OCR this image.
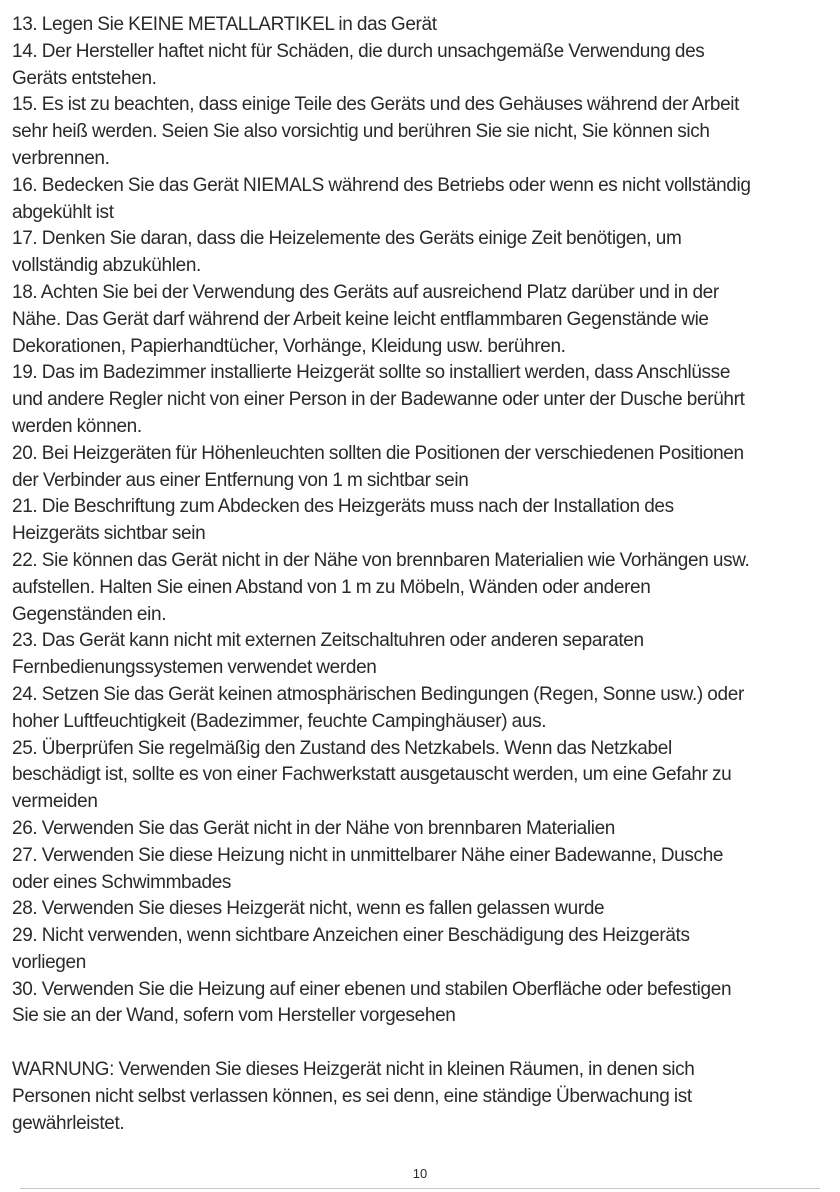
13. Legen Sie KEINE METALLARTIKEL in das Gerät

14. Der Hersteller haftet nicht für Schäden, die durch unsachgemäße Verwendung des
Geräts entstehen.

15. Es ist zu beachten, dass einige Teile des Geräts und des Gehäuses während der Arbeit
sehr heiß werden. Seien Sie also vorsichtig und berühren Sie sie nicht, Sie können sich
verbrennen.

16. Bedecken Sie das Gerät NIEMALS während des Betriebs oder wenn es nicht vollständig
abgekühlt ist

17. Denken Sie daran, dass die Heizelemente des Geräts einige Zeit benötigen, um
vollständig abzukühlen.

18. Achten Sie bei der Verwendung des Geräts auf ausreichend Platz darüber und in der
Nähe. Das Gerät darf während der Arbeit keine leicht entflammbaren Gegenstände wie
Dekorationen, Papierhandtücher, Vorhänge, Kleidung usw. berühren.

19. Das im Badezimmer installierte Heizgerät sollte so installiert werden, dass Anschlüsse
und andere Regler nicht von einer Person in der Badewanne oder unter der Dusche berührt
werden können.

20. Bei Heizgeräten für Höhenleuchten sollten die Positionen der verschiedenen Positionen
der Verbinder aus einer Entfernung von 1 m sichtbar sein

21. Die Beschriftung zum Abdecken des Heizgeräts muss nach der Installation des
Heizgeräts sichtbar sein

22. Sie können das Gerät nicht in der Nähe von brennbaren Materialien wie Vorhängen usw.
aufstellen. Halten Sie einen Abstand von 1 m zu Möbeln, Wänden oder anderen
Gegenständen ein.

23. Das Gerät kann nicht mit externen Zeitschaltuhren oder anderen separaten
Fernbedienungssystemen verwendet werden

24. Setzen Sie das Gerät keinen atmosphärischen Bedingungen (Regen, Sonne usw.) oder
hoher Luftfeuchtigkeit (Badezimmer, feuchte Campinghäuser) aus.

25. Überprüfen Sie regelmäßig den Zustand des Netzkabels. Wenn das Netzkabel
beschädigt ist, sollte es von einer Fachwerkstatt ausgetauscht werden, um eine Gefahr zu
vermeiden

26. Verwenden Sie das Gerät nicht in der Nähe von brennbaren Materialien

27. Verwenden Sie diese Heizung nicht in unmittelbarer Nähe einer Badewanne, Dusche
oder eines Schwimmbades

28. Verwenden Sie dieses Heizgerät nicht, wenn es fallen gelassen wurde

29. Nicht verwenden, wenn sichtbare Anzeichen einer Beschädigung des Heizgeräts
vorliegen

30. Verwenden Sie die Heizung auf einer ebenen und stabilen Oberfläche oder befestigen
Sie sie an der Wand, sofern vom Hersteller vorgesehen

WARNUNG: Verwenden Sie dieses Heizgerät nicht in kleinen Räumen, in denen sich
Personen nicht selbst verlassen können, es sei denn, eine ständige Überwachung ist
gewährleistet.

10
